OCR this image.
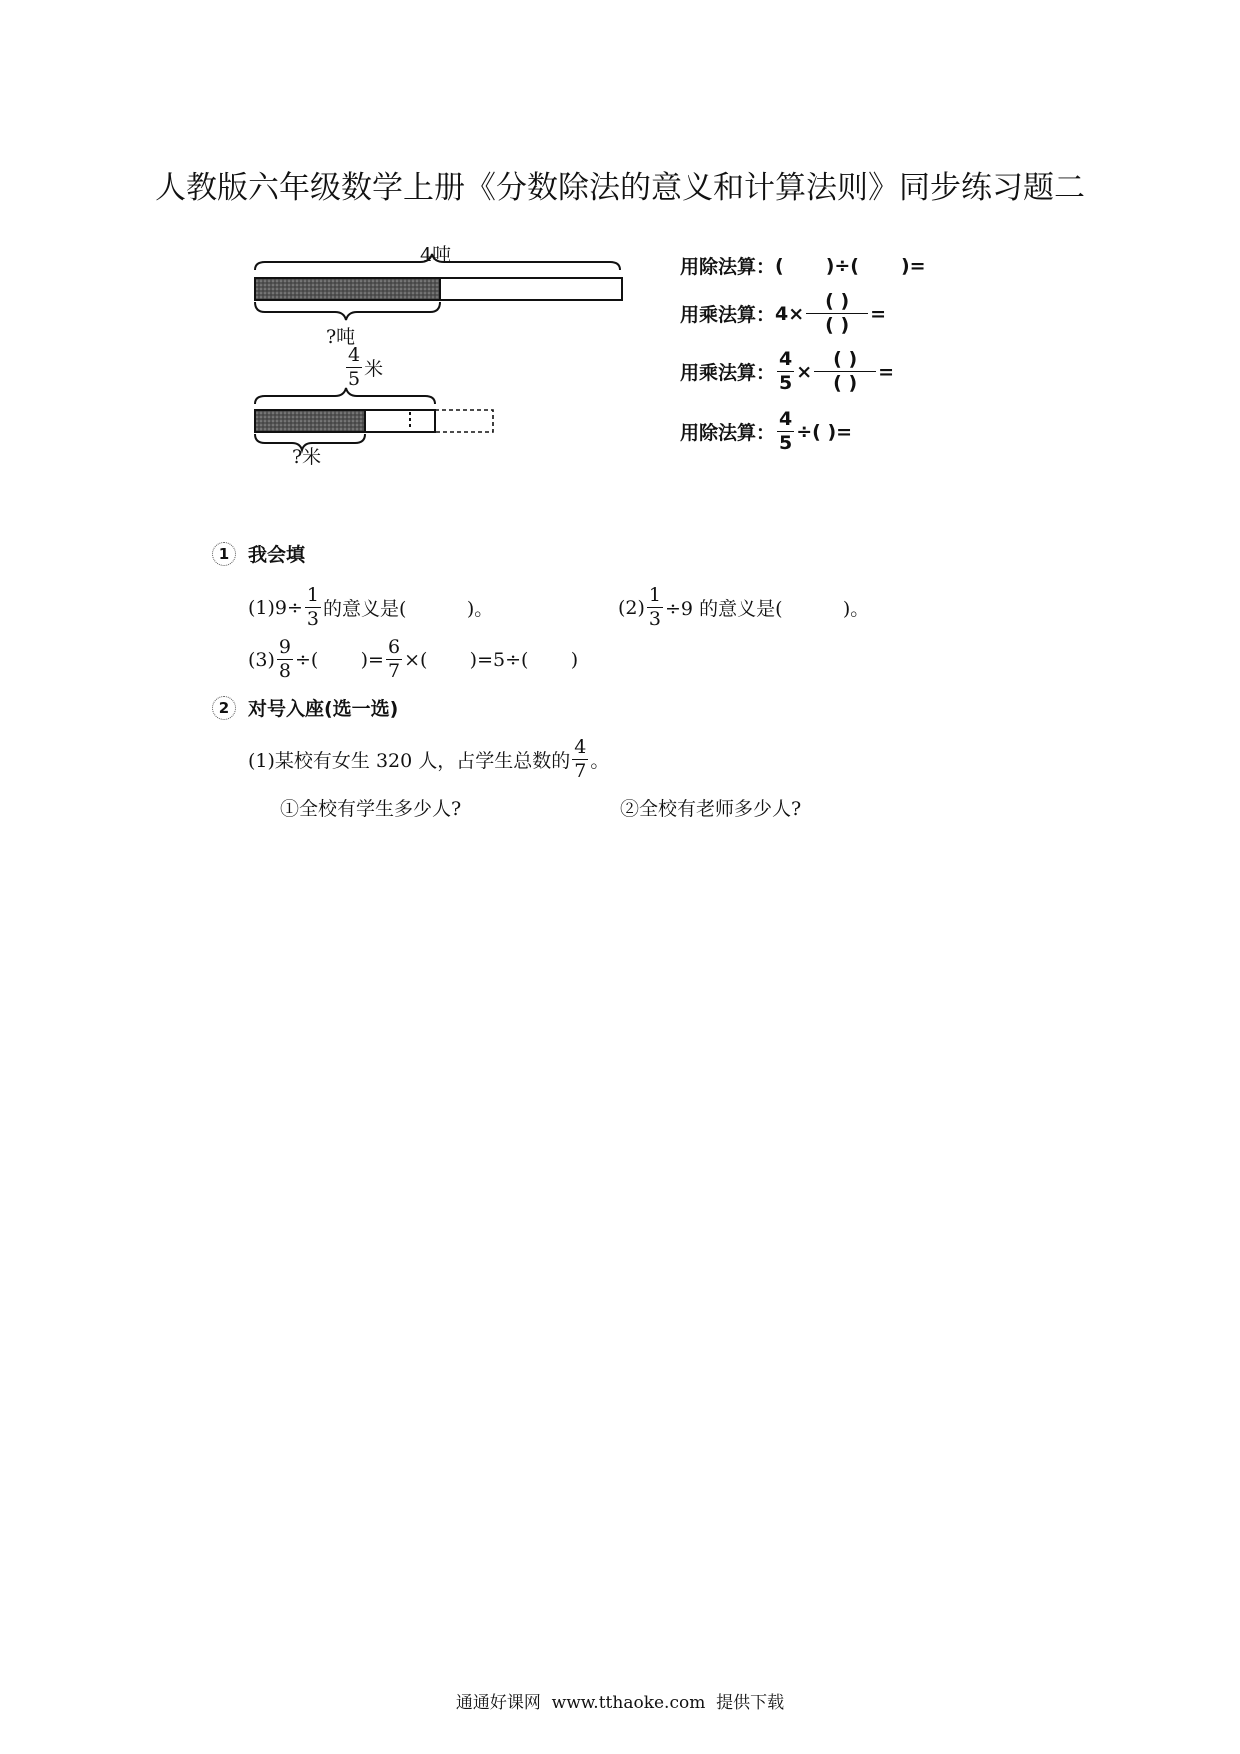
人教版六年级数学上册《分数除法的意义和计算法则》同步练习题二
4吨
?吨
$\frac{4}{5}$ 米
?米
用除法算： ( )÷( )=
用乘法算： $4\times \frac{( )}{( )}$ =
用乘法算： $\frac{4}{5} \times \frac{( )}{( )}$ =
用除法算： $\frac{4}{5}$ ÷( )=
1 我会填
$(1)9\div \frac{1}{3}$ 的意义是(          )。	$(2) \frac{1}{3} \div 9$ 的意义是(          )。
$(3) \frac{9}{8}$ ÷(       )= $\frac{6}{7}$ ×(       )=5÷(       )
2 对号入座(选一选)
(1)某校有女生 320 人，占学生总数的 $\frac{4}{7}$ 。
①全校有学生多少人?	②全校有老师多少人?
通通好课网  www.tthaoke.com  提供下载
